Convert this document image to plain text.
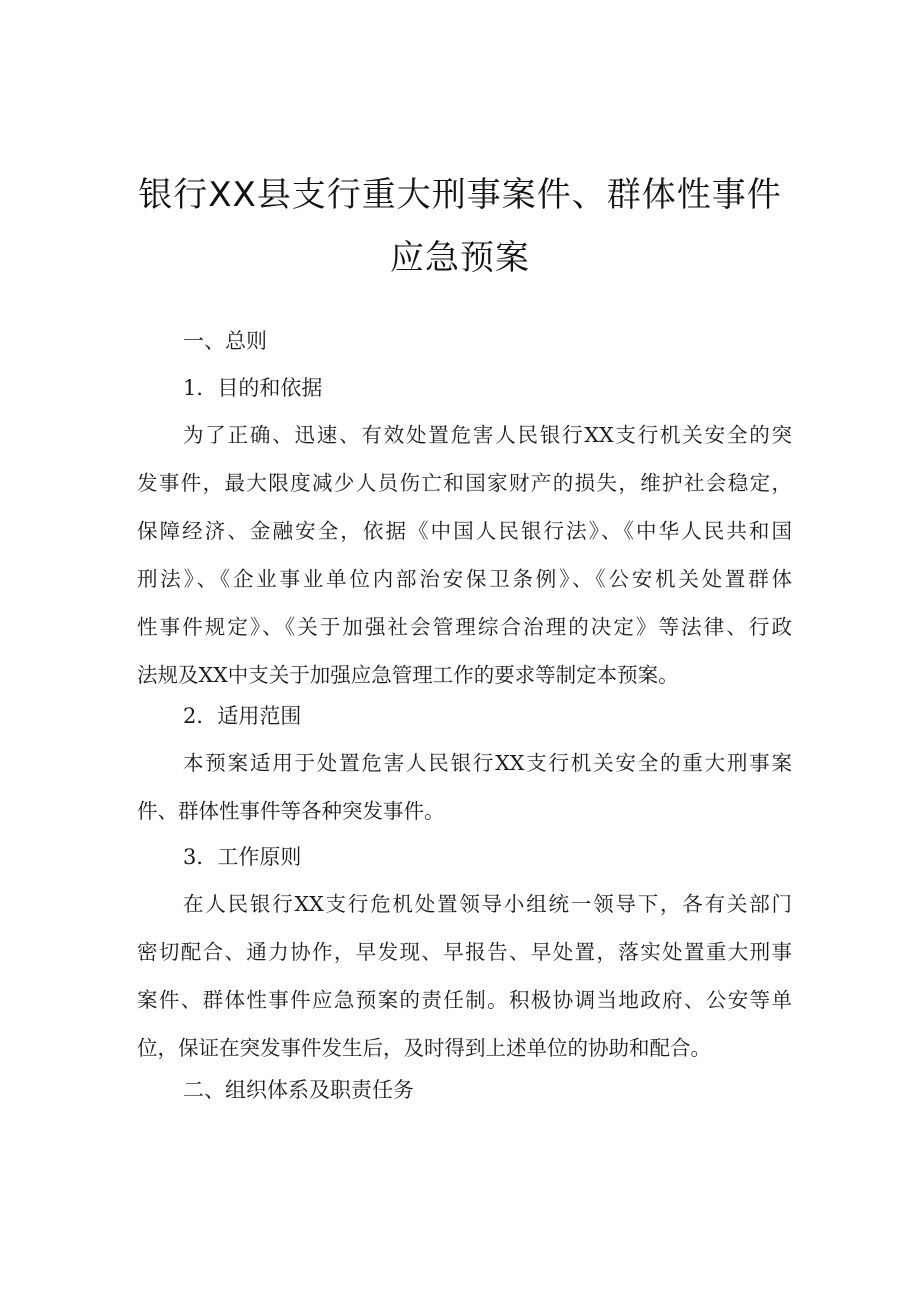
银行XX县支行重大刑事案件、群体性事件
应急预案
一、总则
1．目的和依据
为了正确、迅速、有效处置危害人民银行XX支行机关安全的突
发事件，最大限度减少人员伤亡和国家财产的损失，维护社会稳定，
保障经济、金融安全，依据《中国人民银行法》、《中华人民共和国
刑法》、《企业事业单位内部治安保卫条例》、《公安机关处置群体
性事件规定》、《关于加强社会管理综合治理的决定》等法律、行政
法规及XX中支关于加强应急管理工作的要求等制定本预案。
2．适用范围
本预案适用于处置危害人民银行XX支行机关安全的重大刑事案
件、群体性事件等各种突发事件。
3．工作原则
在人民银行XX支行危机处置领导小组统一领导下，各有关部门
密切配合、通力协作，早发现、早报告、早处置，落实处置重大刑事
案件、群体性事件应急预案的责任制。积极协调当地政府、公安等单
位，保证在突发事件发生后，及时得到上述单位的协助和配合。
二、组织体系及职责任务
